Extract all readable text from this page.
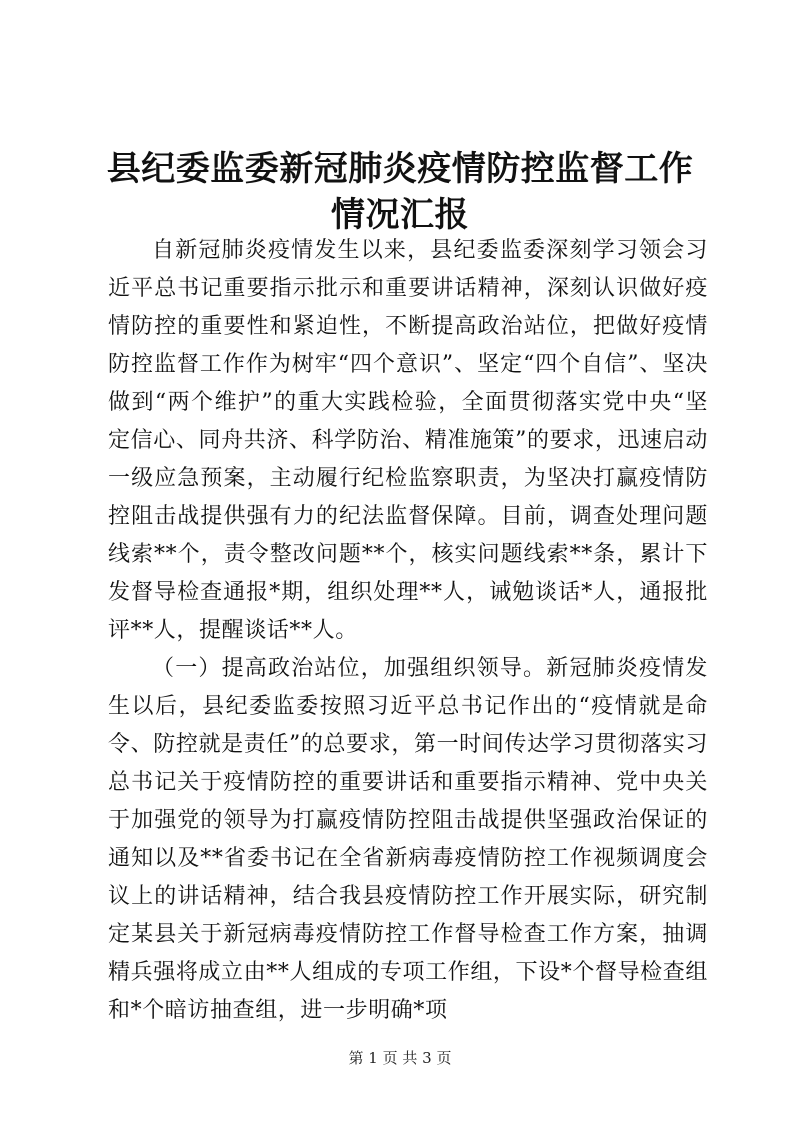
县纪委监委新冠肺炎疫情防控监督工作情况汇报

自新冠肺炎疫情发生以来，县纪委监委深刻学习领会习近平总书记重要指示批示和重要讲话精神，深刻认识做好疫情防控的重要性和紧迫性，不断提高政治站位，把做好疫情防控监督工作作为树牢“四个意识”、坚定“四个自信”、坚决做到“两个维护”的重大实践检验，全面贯彻落实党中央“坚定信心、同舟共济、科学防治、精准施策”的要求，迅速启动一级应急预案，主动履行纪检监察职责，为坚决打赢疫情防控阻击战提供强有力的纪法监督保障。目前，调查处理问题线索**个，责令整改问题**个，核实问题线索**条，累计下发督导检查通报*期，组织处理**人，诫勉谈话*人，通报批评**人，提醒谈话**人。

（一）提高政治站位，加强组织领导。新冠肺炎疫情发生以后，县纪委监委按照习近平总书记作出的“疫情就是命令、防控就是责任”的总要求，第一时间传达学习贯彻落实习总书记关于疫情防控的重要讲话和重要指示精神、党中央关于加强党的领导为打赢疫情防控阻击战提供坚强政治保证的通知以及**省委书记在全省新病毒疫情防控工作视频调度会议上的讲话精神，结合我县疫情防控工作开展实际，研究制定某县关于新冠病毒疫情防控工作督导检查工作方案，抽调精兵强将成立由**人组成的专项工作组，下设*个督导检查组和*个暗访抽查组，进一步明确*项

第 1 页 共 3 页
